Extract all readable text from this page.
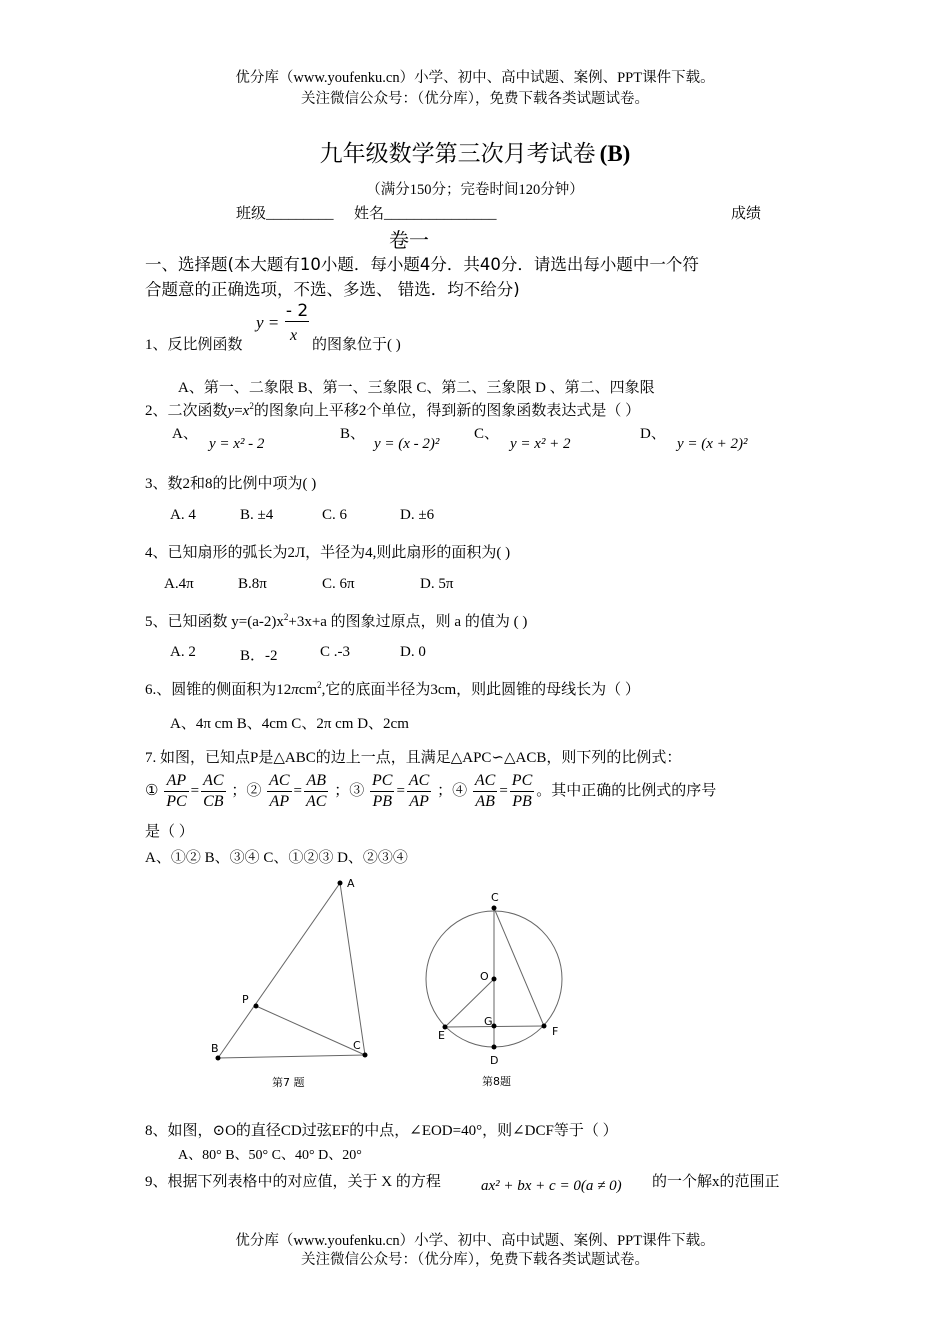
优分库（www.youfenku.cn）小学、初中、高中试题、案例、PPT课件下载。
关注微信公众号：（优分库），免费下载各类试题试卷。
九年级数学第三次月考试卷 (B)
（满分150分；完卷时间120分钟）
班级_________ 姓名_______________	成绩
卷一
一、选择题(本大题有10小题．每小题4分．共40分．请选出每小题中一个符
合题意的正确选项，不选、多选、 错选．均不给分)
1、反比例函数
y =
- 2
x
的图象位于( )
A、第一、二象限 B、第一、三象限 C、第二、三象限 D 、第二、四象限
2、二次函数$y=x^2$的图象向上平移2个单位，得到新的图象函数表达式是（ ）
A、
y = x² - 2
B、
y = (x - 2)²
C、
y = x² + 2
D、
y = (x + 2)²
3、数2和8的比例中项为( )
A. 4	B. ±4	C. 6	D. ±6
4、已知扇形的弧长为2Л，半径为4,则此扇形的面积为( )
A.4π	B.8π	C. 6π	D. 5π
5、已知函数 $y=(a-2)x^2+3x+a$ 的图象过原点，则 a 的值为 ( )
A. 2	B．-2	C .-3	D. 0
6.、圆锥的侧面积为12πcm$^2$,它的底面半径为3cm，则此圆锥的母线长为（ ）
A、4π cm B、4cm C、2π cm D、2cm
7. 如图，已知点P是△ABC的边上一点，且满足△APC∽△ACB，则下列的比例式：
① $\frac{AP}{PC} = \frac{AC}{CB}$ ；② $\frac{AC}{AP} = \frac{AB}{AC}$ ；③ $\frac{PC}{PB} = \frac{AC}{AP}$ ；④ $\frac{AC}{AB} = \frac{PC}{PB}$ 。其中正确的比例式的序号
是（ ）
A、①② B、③④ C、①②③ D、②③④
A
P
B	C
第7 题
C
O
G
E	F
D
第8题
8、如图，⊙O的直径CD过弦EF的中点，∠EOD=40°，则∠DCF等于（ ）
A、80° B、50° C、40° D、20°
9、根据下列表格中的对应值，关于 X 的方程	ax² + bx + c = 0(a ≠ 0) 的一个解x的范围正
优分库（www.youfenku.cn）小学、初中、高中试题、案例、PPT课件下载。
关注微信公众号：（优分库），免费下载各类试题试卷。
